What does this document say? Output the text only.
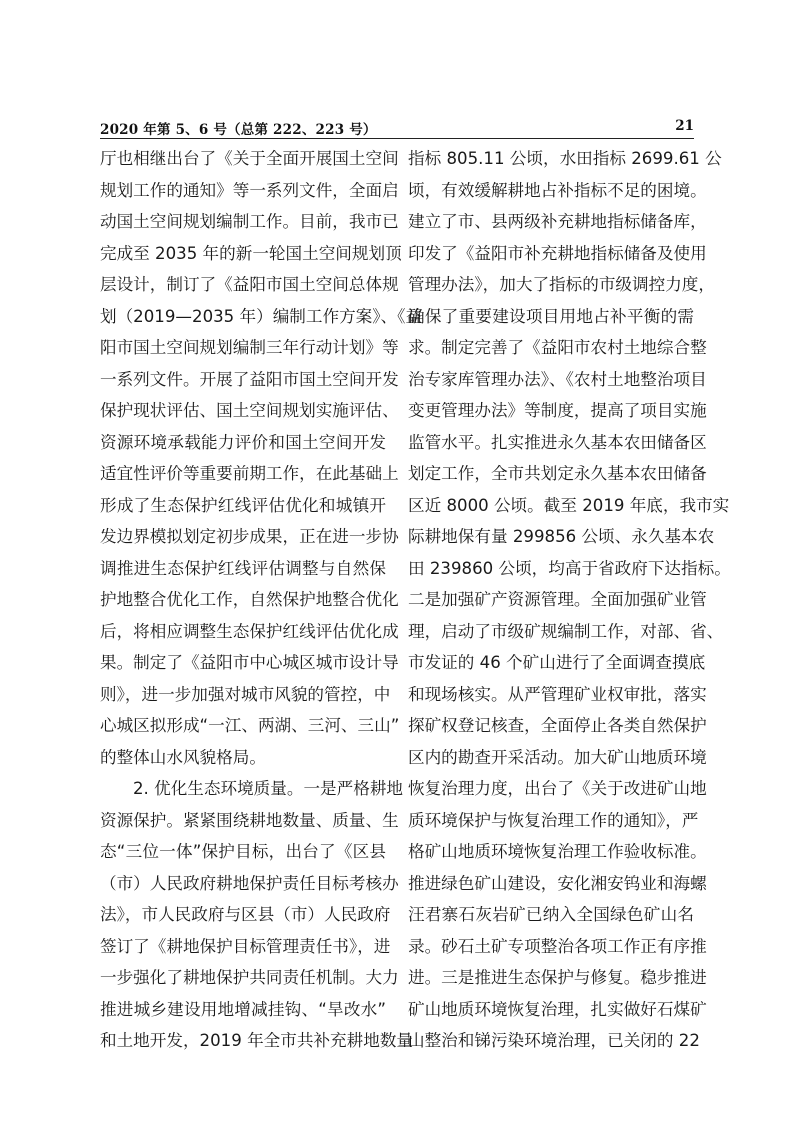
2020 年第 5、6 号（总第 222、223 号）	21
厅也相继出台了《关于全面开展国土空间
规划工作的通知》等一系列文件，全面启
动国土空间规划编制工作。目前，我市已
完成至 2035 年的新一轮国土空间规划顶
层设计，制订了《益阳市国土空间总体规
划（2019—2035 年）编制工作方案》、《益
阳市国土空间规划编制三年行动计划》等
一系列文件。开展了益阳市国土空间开发
保护现状评估、国土空间规划实施评估、
资源环境承载能力评价和国土空间开发
适宜性评价等重要前期工作，在此基础上
形成了生态保护红线评估优化和城镇开
发边界模拟划定初步成果，正在进一步协
调推进生态保护红线评估调整与自然保
护地整合优化工作，自然保护地整合优化
后，将相应调整生态保护红线评估优化成
果。制定了《益阳市中心城区城市设计导
则》，进一步加强对城市风貌的管控，中
心城区拟形成“一江、两湖、三河、三山”
的整体山水风貌格局。
2. 优化生态环境质量。一是严格耕地
资源保护。紧紧围绕耕地数量、质量、生
态“三位一体”保护目标，出台了《区县
（市）人民政府耕地保护责任目标考核办
法》，市人民政府与区县（市）人民政府
签订了《耕地保护目标管理责任书》，进
一步强化了耕地保护共同责任机制。大力
推进城乡建设用地增减挂钩、“旱改水”
和土地开发，2019 年全市共补充耕地数量
指标 805.11 公顷，水田指标 2699.61 公
顷，有效缓解耕地占补指标不足的困境。
建立了市、县两级补充耕地指标储备库，
印发了《益阳市补充耕地指标储备及使用
管理办法》，加大了指标的市级调控力度，
确保了重要建设项目用地占补平衡的需
求。制定完善了《益阳市农村土地综合整
治专家库管理办法》、《农村土地整治项目
变更管理办法》等制度，提高了项目实施
监管水平。扎实推进永久基本农田储备区
划定工作，全市共划定永久基本农田储备
区近 8000 公顷。截至 2019 年底，我市实
际耕地保有量 299856 公顷、永久基本农
田 239860 公顷，均高于省政府下达指标。
二是加强矿产资源管理。全面加强矿业管
理，启动了市级矿规编制工作，对部、省、
市发证的 46 个矿山进行了全面调查摸底
和现场核实。从严管理矿业权审批，落实
探矿权登记核查，全面停止各类自然保护
区内的勘查开采活动。加大矿山地质环境
恢复治理力度，出台了《关于改进矿山地
质环境保护与恢复治理工作的通知》，严
格矿山地质环境恢复治理工作验收标准。
推进绿色矿山建设，安化湘安钨业和海螺
汪君寨石灰岩矿已纳入全国绿色矿山名
录。砂石土矿专项整治各项工作正有序推
进。三是推进生态保护与修复。稳步推进
矿山地质环境恢复治理，扎实做好石煤矿
山整治和锑污染环境治理，已关闭的 22
